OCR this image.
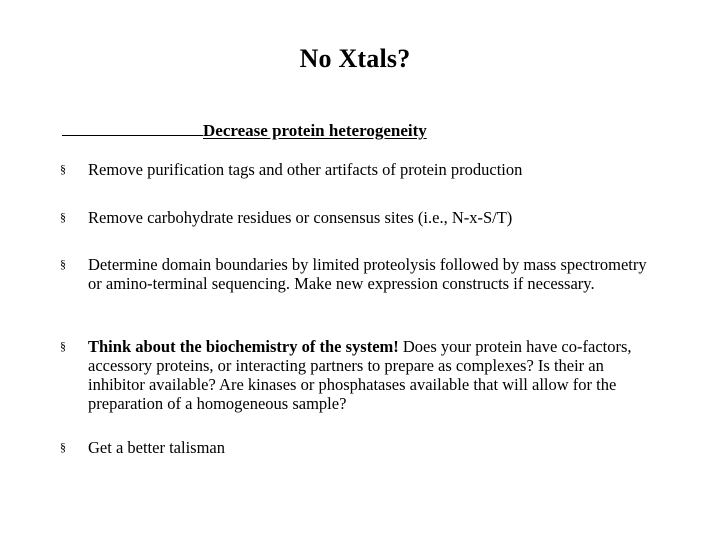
No Xtals?
Decrease protein heterogeneity
§ Remove purification tags and other artifacts of protein production
§ Remove carbohydrate residues or consensus sites (i.e., N-x-S/T)
§ Determine domain boundaries by limited proteolysis followed by mass spectrometry or amino-terminal sequencing. Make new expression constructs if necessary.
§ Think about the biochemistry of the system! Does your protein have co-factors, accessory proteins, or interacting partners to prepare as complexes? Is their an inhibitor available? Are kinases or phosphatases available that will allow for the preparation of a homogeneous sample?
§ Get a better talisman
